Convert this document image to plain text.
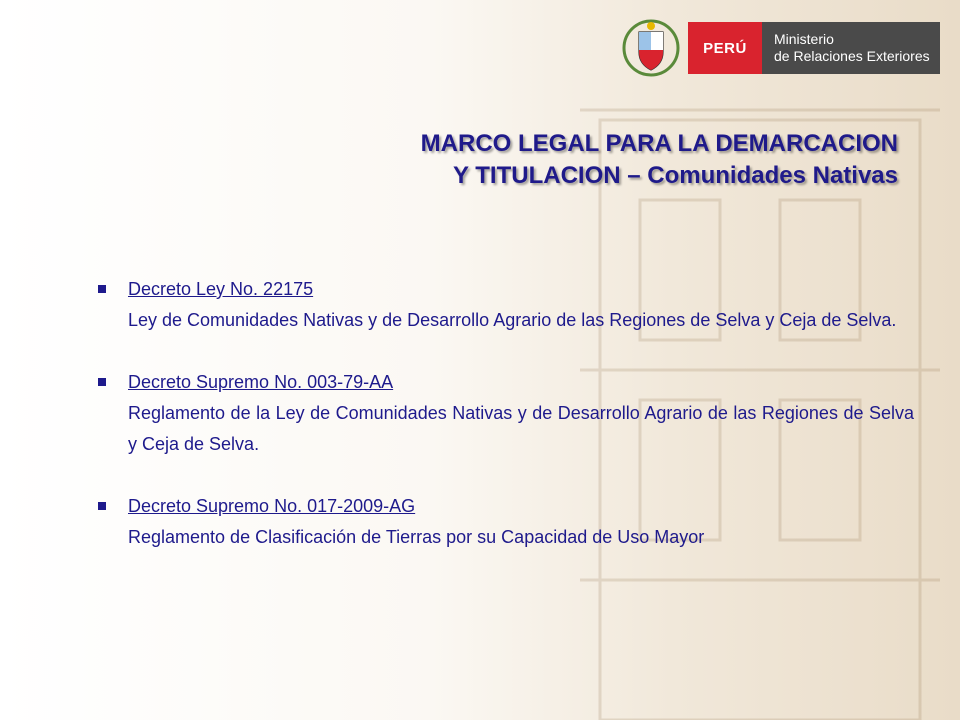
PERÚ
Ministerio
de Relaciones Exteriores
MARCO LEGAL PARA LA DEMARCACION
Y TITULACION – Comunidades Nativas
Decreto Ley No. 22175
Ley de Comunidades Nativas y de Desarrollo Agrario de las Regiones de Selva y Ceja de Selva.
Decreto Supremo No. 003-79-AA
Reglamento de la Ley de Comunidades Nativas y de Desarrollo Agrario de las Regiones de Selva y Ceja de Selva.
Decreto Supremo No. 017-2009-AG
Reglamento de Clasificación de Tierras por su Capacidad de Uso Mayor
